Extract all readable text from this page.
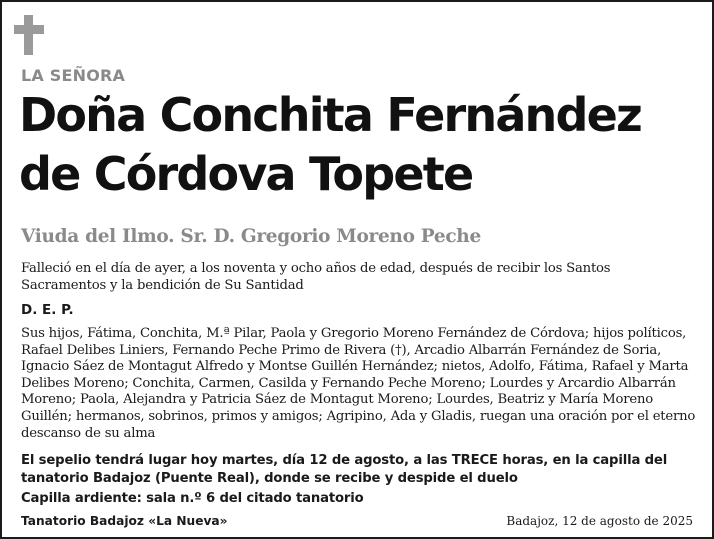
LA SEÑORA
Doña Conchita Fernández
de Córdova Topete
Viuda del Ilmo. Sr. D. Gregorio Moreno Peche
Falleció en el día de ayer, a los noventa y ocho años de edad, después de recibir los Santos Sacramentos y la bendición de Su Santidad
D. E. P.
Sus hijos, Fátima, Conchita, M.ª Pilar, Paola y Gregorio Moreno Fernández de Córdova; hijos políticos, Rafael Delibes Liniers, Fernando Peche Primo de Rivera (†), Arcadio Albarrán Fernández de Soria, Ignacio Sáez de Montagut Alfredo y Montse Guillén Hernández; nietos, Adolfo, Fátima, Rafael y Marta Delibes Moreno; Conchita, Carmen, Casilda y Fernando Peche Moreno; Lourdes y Arcardio Albarrán Moreno; Paola, Alejandra y Patricia Sáez de Montagut Moreno; Lourdes, Beatriz y María Moreno Guillén; hermanos, sobrinos, primos y amigos; Agripino, Ada y Gladis, ruegan una oración por el eterno descanso de su alma
El sepelio tendrá lugar hoy martes, día 12 de agosto, a las TRECE horas, en la capilla del tanatorio Badajoz (Puente Real), donde se recibe y despide el duelo
Capilla ardiente: sala n.º 6 del citado tanatorio
Tanatorio Badajoz «La Nueva»	Badajoz, 12 de agosto de 2025
